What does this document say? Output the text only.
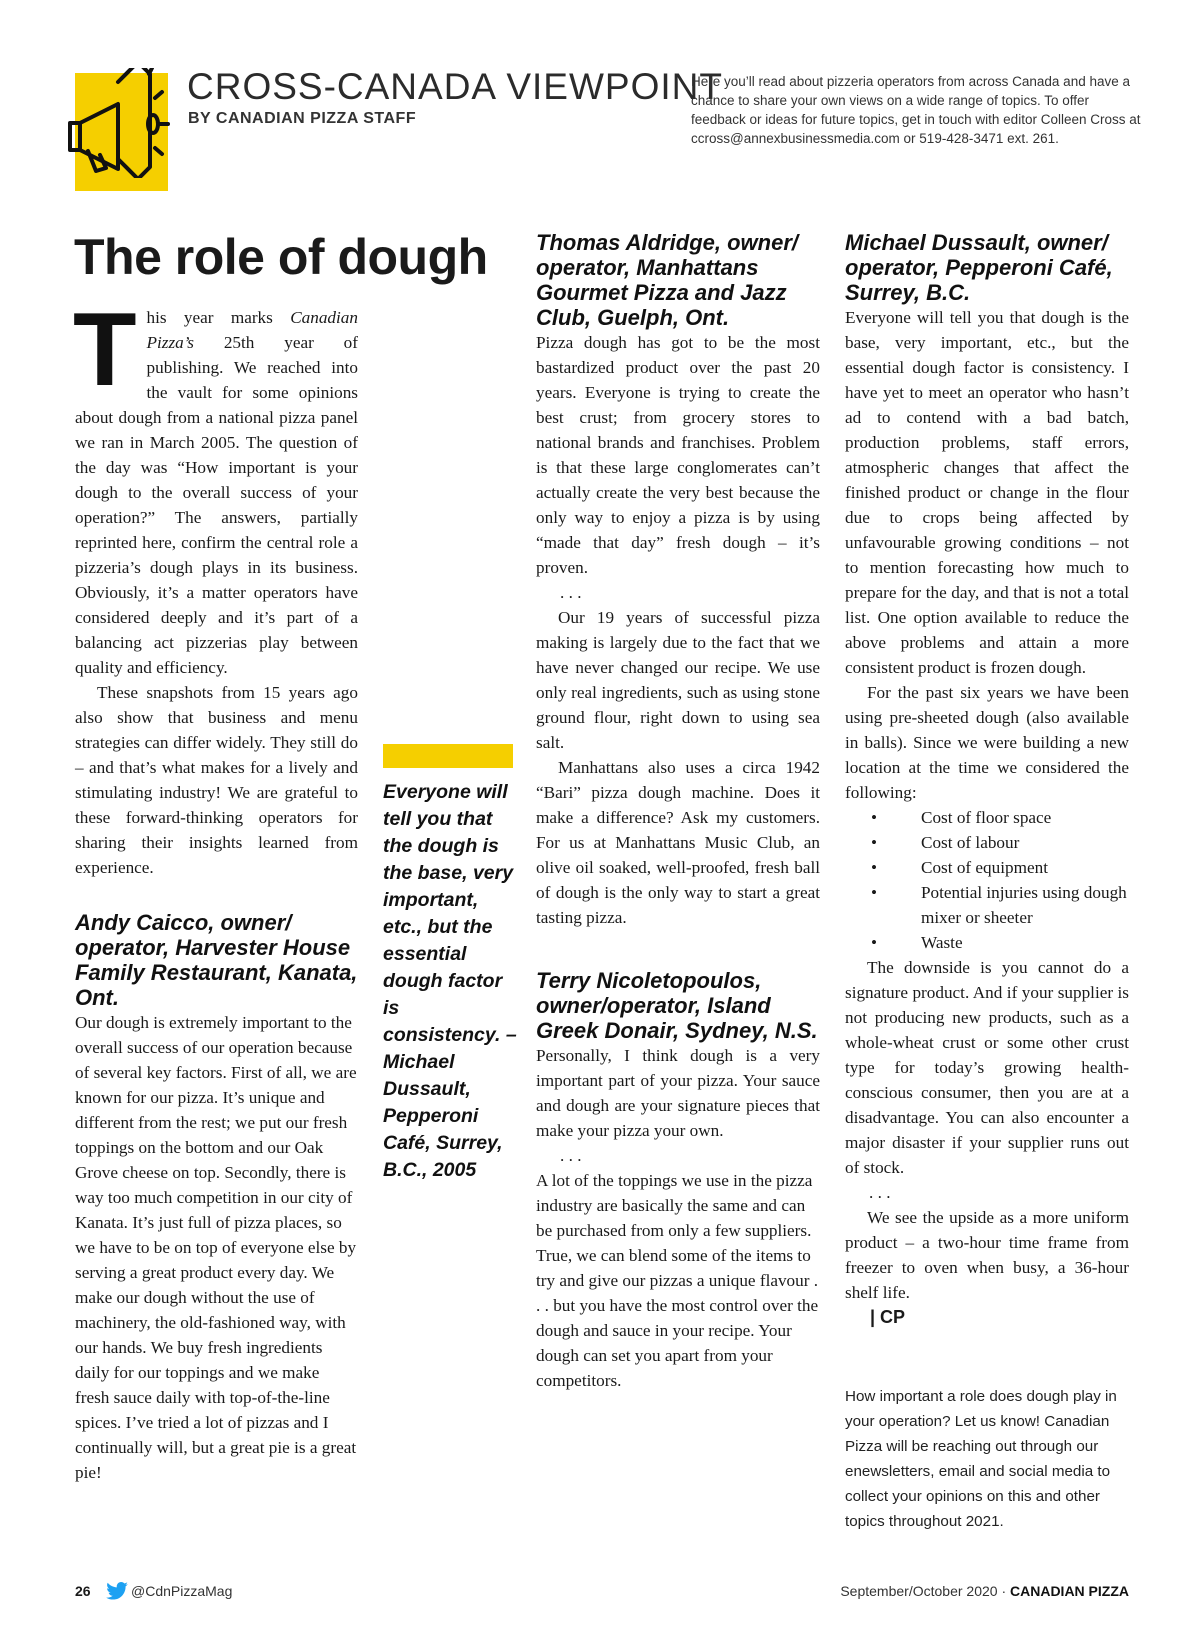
CROSS-CANADA VIEWPOINT
BY CANADIAN PIZZA STAFF
Here you’ll read about pizzeria operators from across Canada and have a chance to share your own views on a wide range of topics. To offer feedback or ideas for future topics, get in touch with editor Colleen Cross at ccross@annexbusinessmedia.com or 519-428-3471 ext. 261.
The role of dough

This year marks Canadian Pizza’s 25th year of publishing. We reached into the vault for some opinions about dough from a national pizza panel we ran in March 2005. The question of the day was “How important is your dough to the overall success of your operation?” The answers, partially reprinted here, confirm the central role a pizzeria’s dough plays in its business. Obviously, it’s a matter operators have considered deeply and it’s part of a balancing act pizzerias play between quality and efficiency.

These snapshots from 15 years ago also show that business and menu strategies can differ widely. They still do – and that’s what makes for a lively and stimulating industry! We are grateful to these forward-thinking operators for sharing their insights learned from experience.

Andy Caicco, owner/ operator, Harvester House Family Restaurant, Kanata, Ont.

Our dough is extremely important to the overall success of our operation because of several key factors. First of all, we are known for our pizza. It’s unique and different from the rest; we put our fresh toppings on the bottom and our Oak Grove cheese on top. Secondly, there is way too much competition in our city of Kanata. It’s just full of pizza places, so we have to be on top of everyone else by serving a great product every day. We make our dough without the use of machinery, the old-fashioned way, with our hands. We buy fresh ingredients daily for our toppings and we make fresh sauce daily with top-of-the-line spices. I’ve tried a lot of pizzas and I continually will, but a great pie is a great pie!

Everyone will tell you that the dough is the base, very important, etc., but the essential dough factor is consistency. –Michael Dussault, Pepperoni Café, Surrey, B.C., 2005
Thomas Aldridge, owner/ operator, Manhattans Gourmet Pizza and Jazz Club, Guelph, Ont.

Pizza dough has got to be the most bastardized product over the past 20 years. Everyone is trying to create the best crust; from grocery stores to national brands and franchises. Problem is that these large conglomerates can’t actually create the very best because the only way to enjoy a pizza is by using “made that day” fresh dough – it’s proven.

. . .

Our 19 years of successful pizza making is largely due to the fact that we have never changed our recipe. We use only real ingredients, such as using stone ground flour, right down to using sea salt.

Manhattans also uses a circa 1942 “Bari” pizza dough machine. Does it make a difference? Ask my customers. For us at Manhattans Music Club, an olive oil soaked, well-proofed, fresh ball of dough is the only way to start a great tasting pizza.

Terry Nicoletopoulos, owner/operator, Island Greek Donair, Sydney, N.S.

Personally, I think dough is a very important part of your pizza. Your sauce and dough are your signature pieces that make your pizza your own.

. . .

A lot of the toppings we use in the pizza industry are basically the same and can be purchased from only a few suppliers. True, we can blend some of the items to try and give our pizzas a unique flavour . . . but you have the most control over the dough and sauce in your recipe. Your dough can set you apart from your competitors.

Michael Dussault, owner/ operator, Pepperoni Café, Surrey, B.C.

Everyone will tell you that dough is the base, very important, etc., but the essential dough factor is consistency. I have yet to meet an operator who hasn’t ad to contend with a bad batch, production problems, staff errors, atmospheric changes that affect the finished product or change in the flour due to crops being affected by unfavourable growing conditions – not to mention forecasting how much to prepare for the day, and that is not a total list. One option available to reduce the above problems and attain a more consistent product is frozen dough.

For the past six years we have been using pre-sheeted dough (also available in balls). Since we were building a new location at the time we considered the following:

•	Cost of floor space
•	Cost of labour
•	Cost of equipment
•	Potential injuries using dough mixer or sheeter
•	Waste

The downside is you cannot do a signature product. And if your supplier is not producing new products, such as a whole-wheat crust or some other crust type for today’s growing health-conscious consumer, then you are at a disadvantage. You can also encounter a major disaster if your supplier runs out of stock.

. . .

We see the upside as a more uniform product – a two-hour time frame from freezer to oven when busy, a 36-hour shelf life.

| CP

How important a role does dough play in your operation? Let us know! Canadian Pizza will be reaching out through our enewsletters, email and social media to collect your opinions on this and other topics throughout 2021.
26	@CdnPizzaMag	September/October 2020 · CANADIAN PIZZA
